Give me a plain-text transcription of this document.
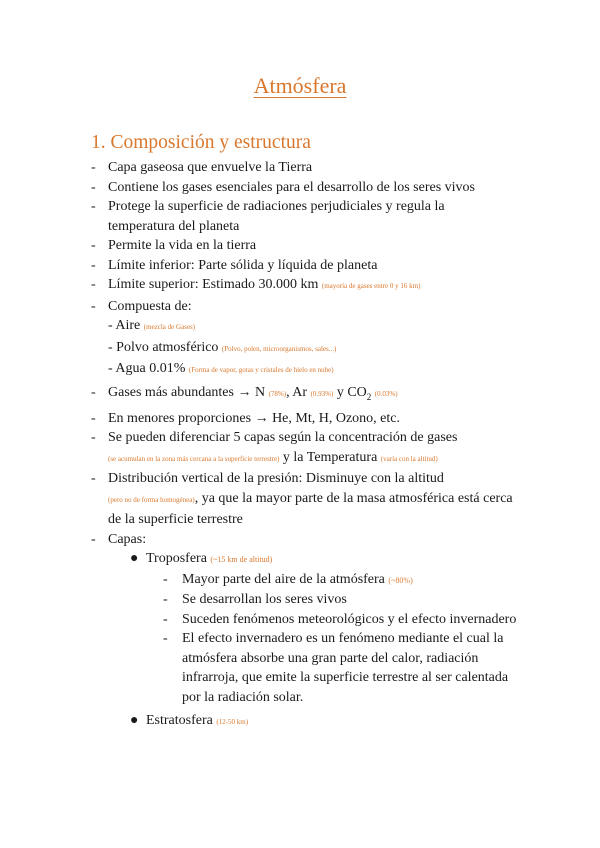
Atmósfera
1. Composición y estructura
- Capa gaseosa que envuelve la Tierra
- Contiene los gases esenciales para el desarrollo de los seres vivos
- Protege la superficie de radiaciones perjudiciales y regula la temperatura del planeta
- Permite la vida en la tierra
- Límite inferior: Parte sólida y líquida de planeta
- Límite superior: Estimado 30.000 km (mayoría de gases entre 0 y 16 km)
- Compuesta de:
- Aire (mezcla de Gases)
- Polvo atmosférico (Polvo, polen, microorganismos, sales...)
- Agua 0.01% (Forma de vapor, gotas y cristales de hielo en nube)
- Gases más abundantes → N (78%), Ar (0.93%) y $CO_2$ (0.03%)
- En menores proporciones → He, Mt, H, Ozono, etc.
- Se pueden diferenciar 5 capas según la concentración de gases
(se acumulan en la zona más cercana a la superficie terrestre) y la Temperatura (varía con la altitud)
- Distribución vertical de la presión: Disminuye con la altitud
(pero no de forma homogénea), ya que la mayor parte de la masa atmosférica está cerca de la superficie terrestre
- Capas:
● Troposfera (~15 km de altitud)
- Mayor parte del aire de la atmósfera (~80%)
- Se desarrollan los seres vivos
- Suceden fenómenos meteorológicos y el efecto invernadero
- El efecto invernadero es un fenómeno mediante el cual la atmósfera absorbe una gran parte del calor, radiación infrarroja, que emite la superficie terrestre al ser calentada por la radiación solar.
● Estratosfera (12-50 km)
